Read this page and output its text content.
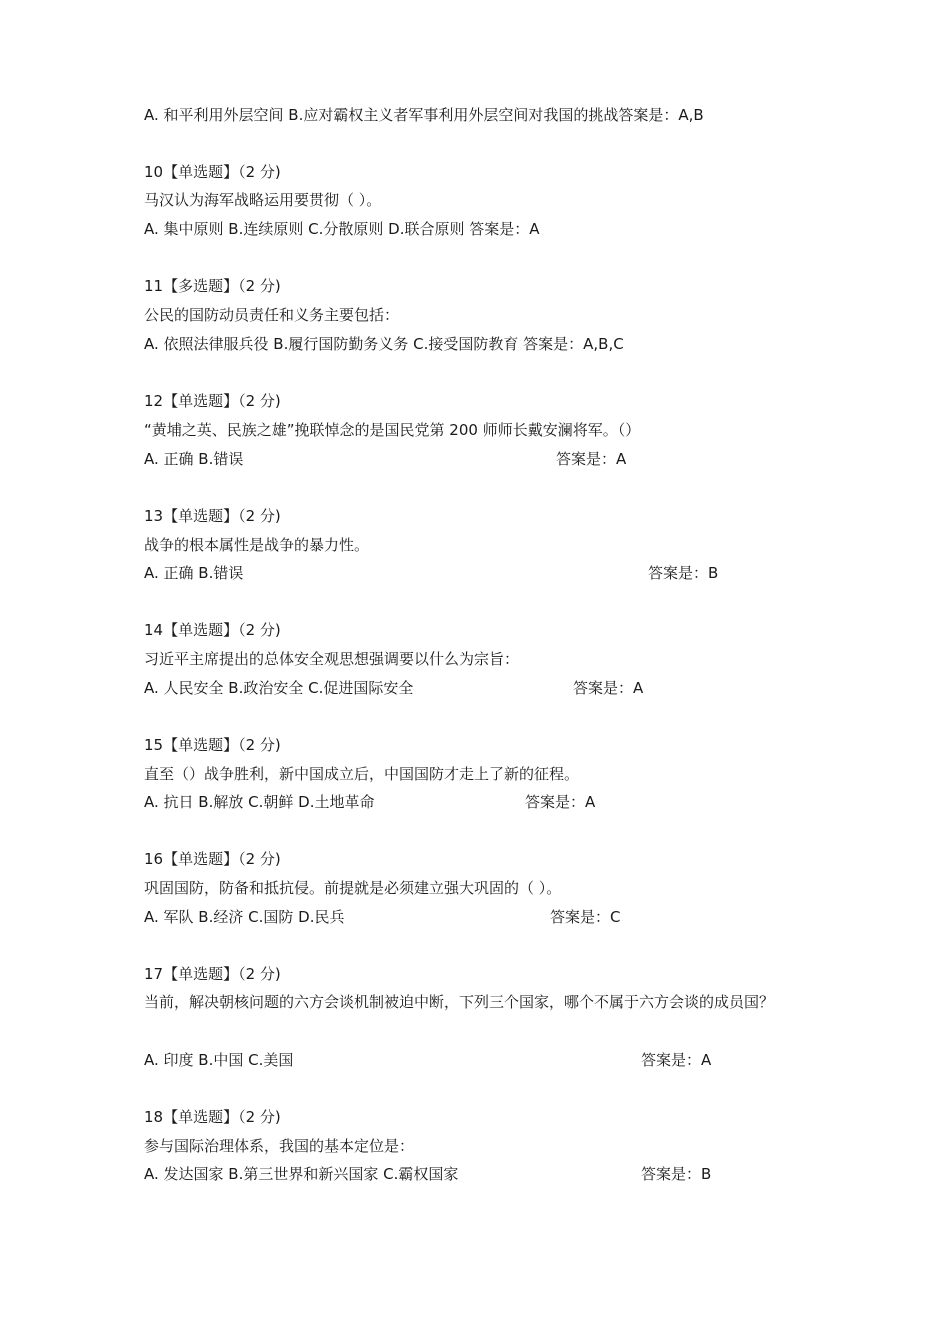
A. 和平利用外层空间 B.应对霸权主义者军事利用外层空间对我国的挑战答案是：A,B
10【单选题】（2 分)
马汉认为海军战略运用要贯彻（ ）。
A. 集中原则 B.连续原则 C.分散原则 D.联合原则 答案是：A
11【多选题】（2 分)
公民的国防动员责任和义务主要包括：
A. 依照法律服兵役 B.履行国防勤务义务 C.接受国防教育 答案是：A,B,C
12【单选题】（2 分)
“黄埔之英、民族之雄”挽联悼念的是国民党第 200 师师长戴安澜将军。（）
A. 正确 B.错误	答案是：A
13【单选题】（2 分)
战争的根本属性是战争的暴力性。
A. 正确 B.错误	答案是：B
14【单选题】（2 分)
习近平主席提出的总体安全观思想强调要以什么为宗旨：
A. 人民安全 B.政治安全 C.促进国际安全	答案是：A
15【单选题】（2 分)
直至（）战争胜利，新中国成立后，中国国防才走上了新的征程。
A. 抗日 B.解放 C.朝鲜 D.土地革命	答案是：A
16【单选题】（2 分)
巩固国防，防备和抵抗侵。前提就是必须建立强大巩固的（ ）。
A. 军队 B.经济 C.国防 D.民兵	答案是：C
17【单选题】（2 分)
当前，解决朝核问题的六方会谈机制被迫中断，下列三个国家，哪个不属于六方会谈的成员国？
A. 印度 B.中国 C.美国	答案是：A
18【单选题】（2 分)
参与国际治理体系，我国的基本定位是：
A. 发达国家 B.第三世界和新兴国家 C.霸权国家	答案是：B
